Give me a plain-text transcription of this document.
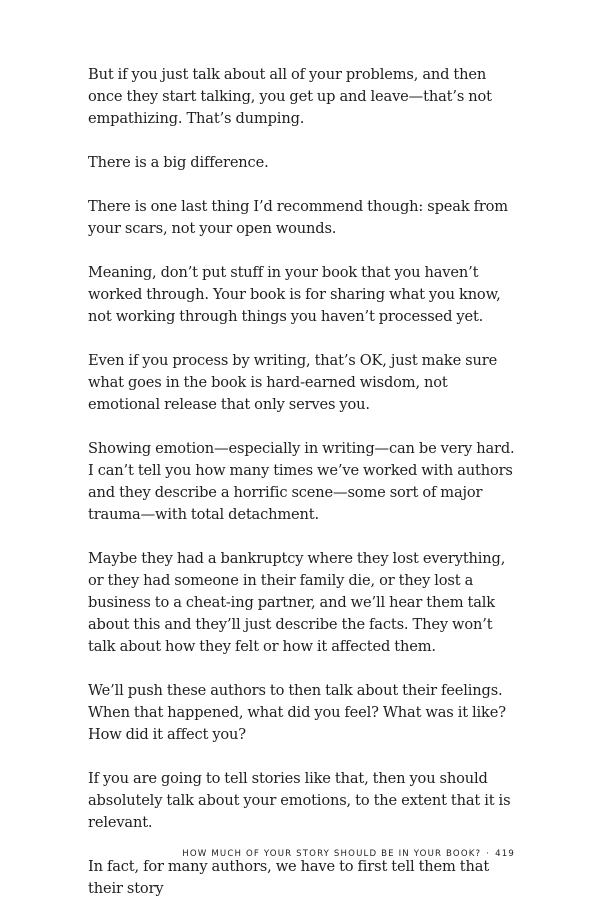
But if you just talk about all of your problems, and then once they start talking, you get up and leave—that’s not empathizing. That’s dumping.

There is a big difference.

There is one last thing I’d recommend though: speak from your scars, not your open wounds.

Meaning, don’t put stuff in your book that you haven’t worked through. Your book is for sharing what you know, not working through things you haven’t processed yet.

Even if you process by writing, that’s OK, just make sure what goes in the book is hard-earned wisdom, not emotional release that only serves you.

Showing emotion—especially in writing—can be very hard. I can’t tell you how many times we’ve worked with authors and they describe a horrific scene—some sort of major trauma—with total detachment.

Maybe they had a bankruptcy where they lost everything, or they had someone in their family die, or they lost a business to a cheat-ing partner, and we’ll hear them talk about this and they’ll just describe the facts. They won’t talk about how they felt or how it affected them.

We’ll push these authors to then talk about their feelings. When that happened, what did you feel? What was it like? How did it affect you?

If you are going to tell stories like that, then you should absolutely talk about your emotions, to the extent that it is relevant.

In fact, for many authors, we have to first tell them that their story

HOW MUCH OF YOUR STORY SHOULD BE IN YOUR BOOK? · 419
